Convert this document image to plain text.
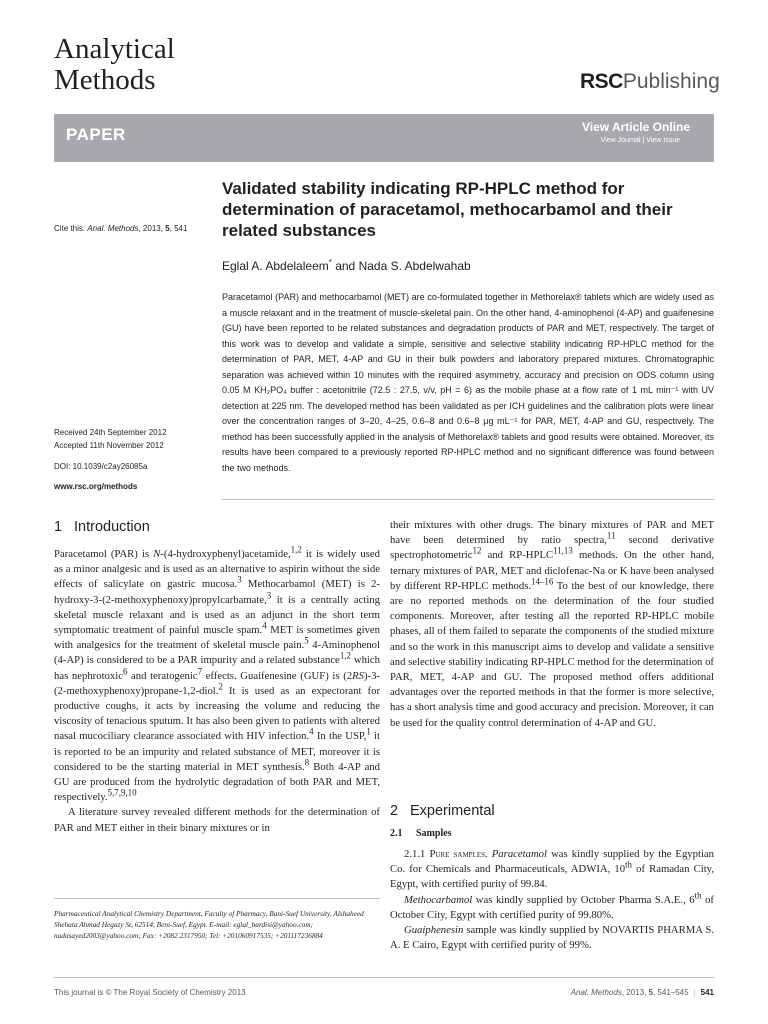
Analytical
Methods	RSCPublishing
PAPER	View Article Online
View Journal | View Issue
Cite this: Anal. Methods, 2013, 5, 541
Validated stability indicating RP-HPLC method for determination of paracetamol, methocarbamol and their related substances
Eglal A. Abdelaleem* and Nada S. Abdelwahab
Paracetamol (PAR) and methocarbamol (MET) are co-formulated together in Methorelax® tablets which are widely used as a muscle relaxant and in the treatment of muscle-skeletal pain. On the other hand, 4-aminophenol (4-AP) and guaifenesine (GU) have been reported to be related substances and degradation products of PAR and MET, respectively. The target of this work was to develop and validate a simple, sensitive and selective stability indicating RP-HPLC method for the determination of PAR, MET, 4-AP and GU in their bulk powders and laboratory prepared mixtures. Chromatographic separation was achieved within 10 minutes with the required asymmetry, accuracy and precision on ODS column using 0.05 M KH₂PO₄ buffer : acetonitrile (72.5 : 27.5, v/v, pH = 6) as the mobile phase at a flow rate of 1 mL min⁻¹ with UV detection at 225 nm. The developed method has been validated as per ICH guidelines and the calibration plots were linear over the concentration ranges of 3–20, 4–25, 0.6–8 and 0.6–8 μg mL⁻¹ for PAR, MET, 4-AP and GU, respectively. The method has been successfully applied in the analysis of Methorelax® tablets and good results were obtained. Moreover, its results have been compared to a previously reported RP-HPLC method and no significant difference was found between the two methods.
Received 24th September 2012
Accepted 11th November 2012
DOI: 10.1039/c2ay26085a
www.rsc.org/methods
1 Introduction

Paracetamol (PAR) is N-(4-hydroxyphenyl)acetamide,$^{1,2}$ it is widely used as a minor analgesic and is used as an alternative to aspirin without the side effects of salicylate on gastric mucosa.$^3$ Methocarbamol (MET) is 2-hydroxy-3-(2-methoxyphenoxy)propylcarbamate,$^3$ it is a centrally acting skeletal muscle relaxant and is used as an adjunct in the short term symptomatic treatment of painful muscle spam.$^4$ MET is sometimes given with analgesics for the treatment of skeletal muscle pain.$^5$ 4-Aminophenol (4-AP) is considered to be a PAR impurity and a related substance$^{1,2}$ which has nephrotoxic$^6$ and teratogenic$^7$ effects. Guaifenesine (GUF) is (2RS)-3-(2-methoxyphenoxy)propane-1,2-diol.$^2$ It is used as an expectorant for productive coughs, it acts by increasing the volume and reducing the viscosity of tenacious sputum. It has also been given to patients with altered nasal mucociliary clearance associated with HIV infection.$^4$ In the USP,$^1$ it is reported to be an impurity and related substance of MET, moreover it is considered to be the starting material in MET synthesis.$^8$ Both 4-AP and GU are produced from the hydrolytic degradation of both PAR and MET, respectively.$^{5,7,9,10}$

A literature survey revealed different methods for the determination of PAR and MET either in their binary mixtures or in

their mixtures with other drugs. The binary mixtures of PAR and MET have been determined by ratio spectra,$^{11}$ second derivative spectrophotometric$^{12}$ and RP-HPLC$^{11,13}$ methods. On the other hand, ternary mixtures of PAR, MET and diclofenac-Na or K have been analysed by different RP-HPLC methods.$^{14-16}$ To the best of our knowledge, there are no reported methods on the determination of the four studied components. Moreover, after testing all the reported RP-HPLC mobile phases, all of them failed to separate the components of the studied mixture and so the work in this manuscript aims to develop and validate a sensitive and selective stability indicating RP-HPLC method for the determination of PAR, MET, 4-AP and GU. The proposed method offers additional advantages over the reported methods in that the former is more selective, has a short analysis time and good accuracy and precision. Moreover, it can be used for the quality control determination of 4-AP and GU.

2 Experimental
2.1 Samples

2.1.1 Pure samples. Paracetamol was kindly supplied by the Egyptian Co. for Chemicals and Pharmaceuticals, ADWIA, 10th of Ramadan City, Egypt, with certified purity of 99.84.

Methocarbamol was kindly supplied by October Pharma S.A.E., 6th of October City, Egypt with certified purity of 99.80%.

Guaiphenesin sample was kindly supplied by NOVARTIS PHARMA S. A. E Cairo, Egypt with certified purity of 99%.

Pharmaceutical Analytical Chemistry Department, Faculty of Pharmacy, Bani-Suef University, Alshaheed Shehata Ahmad Hegazy St, 62514, Beni-Suef, Egypt. E-mail: eglal_bardisi@yahoo.com; nadasayed2003@yahoo.com; Fax: +2082 2317950; Tel: +201060917535; +201117236884
This journal is © The Royal Society of Chemistry 2013	Anal. Methods, 2013, 5, 541–545 | 541
